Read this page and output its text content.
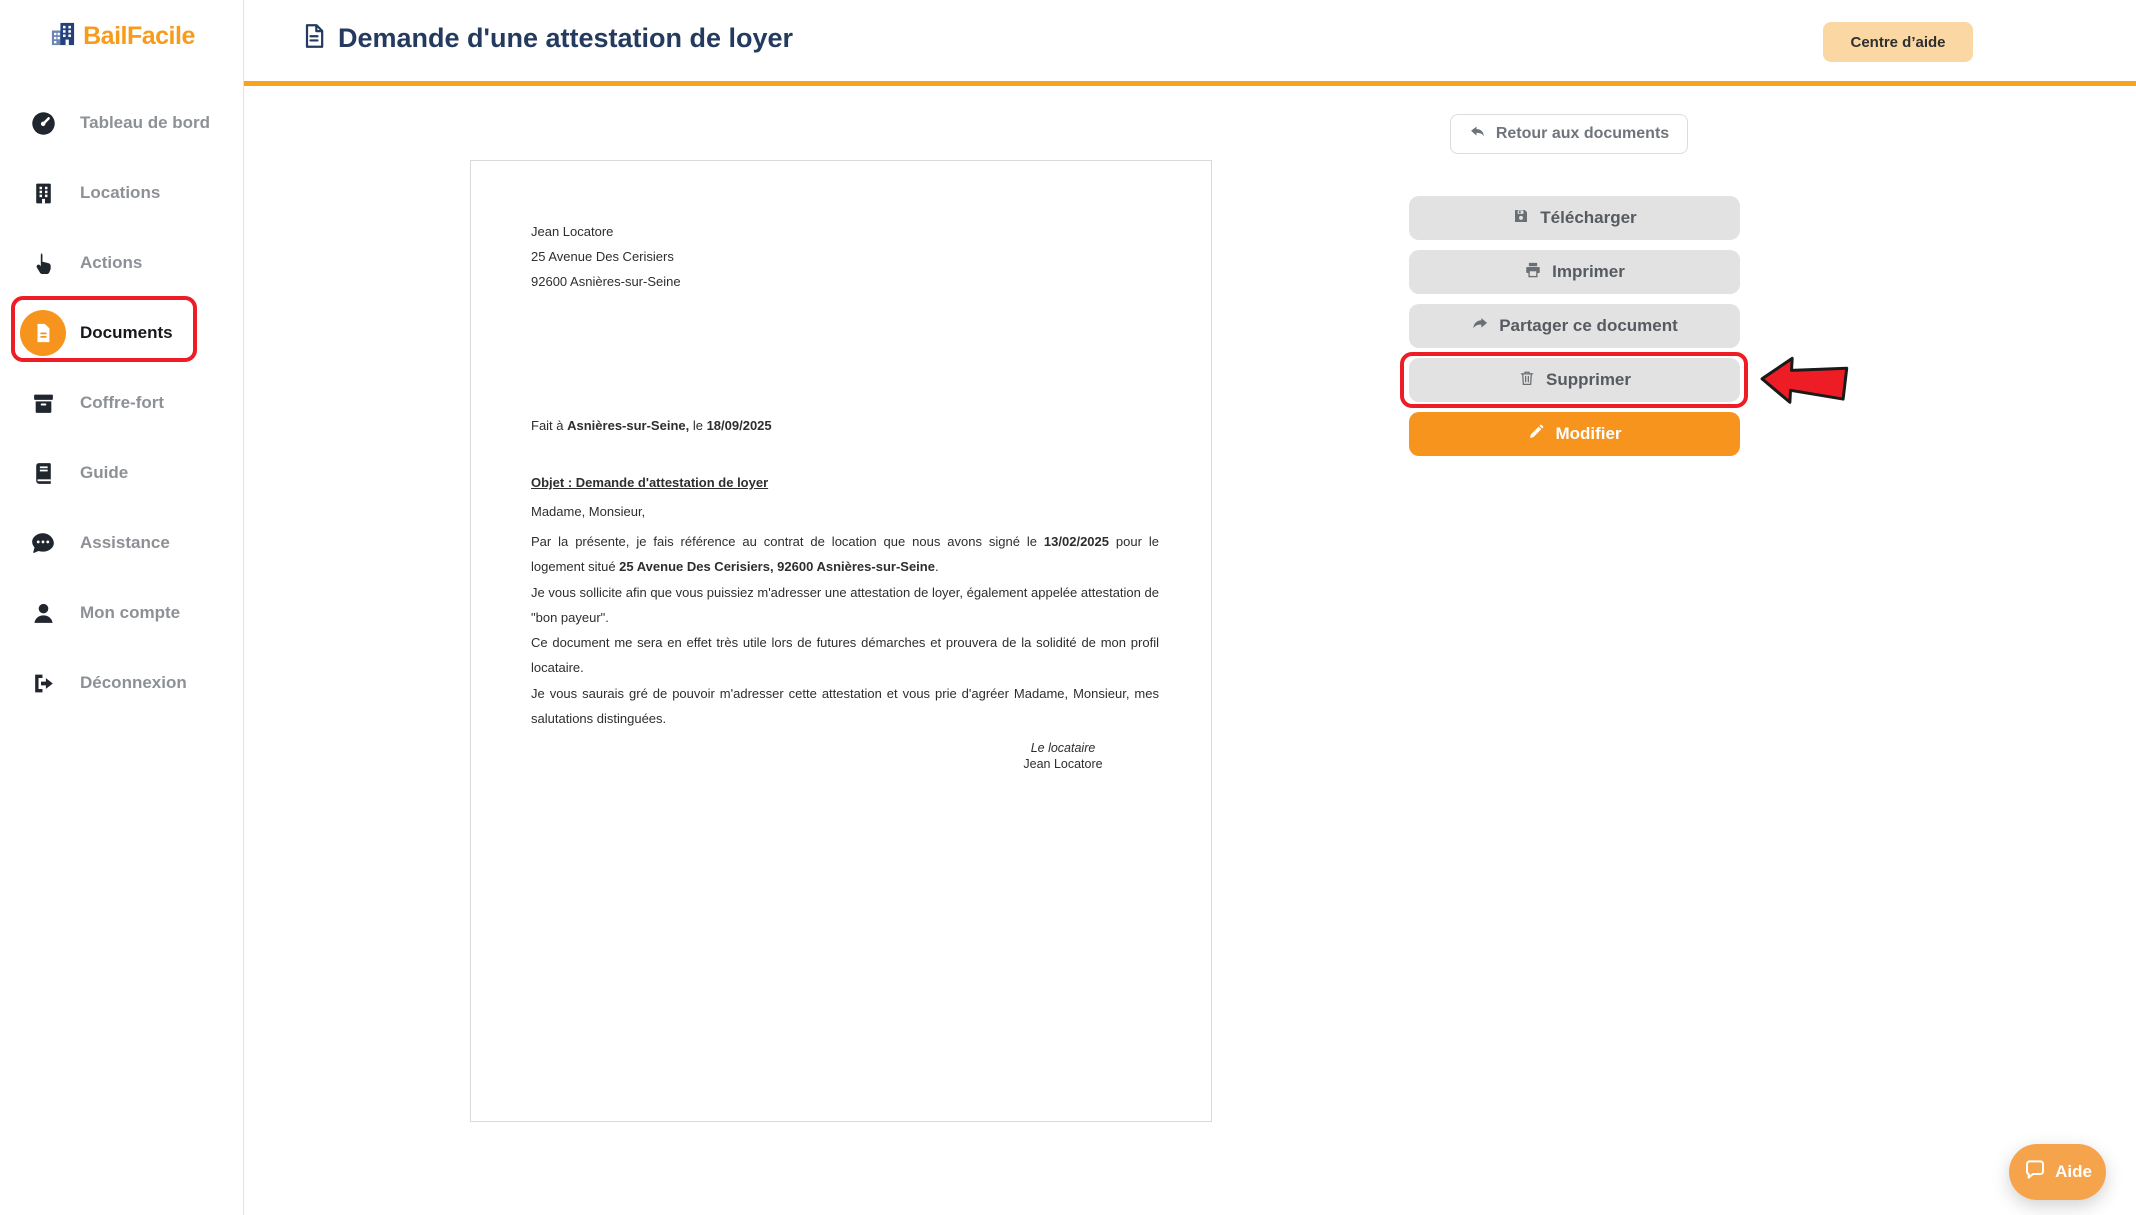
BailFacile
Tableau de bord
Locations
Actions
Documents
Coffre-fort
Guide
Assistance
Mon compte
Déconnexion
Demande d'une attestation de loyer	Centre d’aide
Retour aux documents
Jean Locatore
25 Avenue Des Cerisiers
92600 Asnières-sur-Seine
Fait à Asnières-sur-Seine, le 18/09/2025
Objet : Demande d'attestation de loyer
Madame, Monsieur,
Par la présente, je fais référence au contrat de location que nous avons signé le 13/02/2025 pour le logement situé 25 Avenue Des Cerisiers, 92600 Asnières-sur-Seine.
Je vous sollicite afin que vous puissiez m'adresser une attestation de loyer, également appelée attestation de "bon payeur".
Ce document me sera en effet très utile lors de futures démarches et prouvera de la solidité de mon profil locataire.
Je vous saurais gré de pouvoir m'adresser cette attestation et vous prie d'agréer Madame, Monsieur, mes salutations distinguées.
Le locataire
Jean Locatore
Télécharger
Imprimer
Partager ce document
Supprimer
Modifier
Aide
